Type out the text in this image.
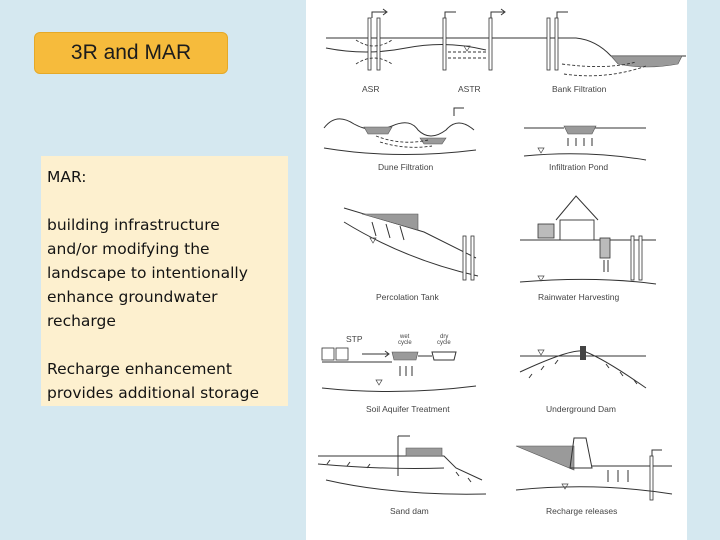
3R and MAR

MAR:

building infrastructure

and/or modifying the

landscape to intentionally

enhance groundwater

recharge

Recharge enhancement

provides additional storage

ASR	ASTR	Bank Filtration
Dune Filtration	Infiltration Pond
Percolation Tank	Rainwater Harvesting
STP	wet
cycle
dry
cycle
Soil Aquifer Treatment	Underground Dam
Sand dam	Recharge releases
